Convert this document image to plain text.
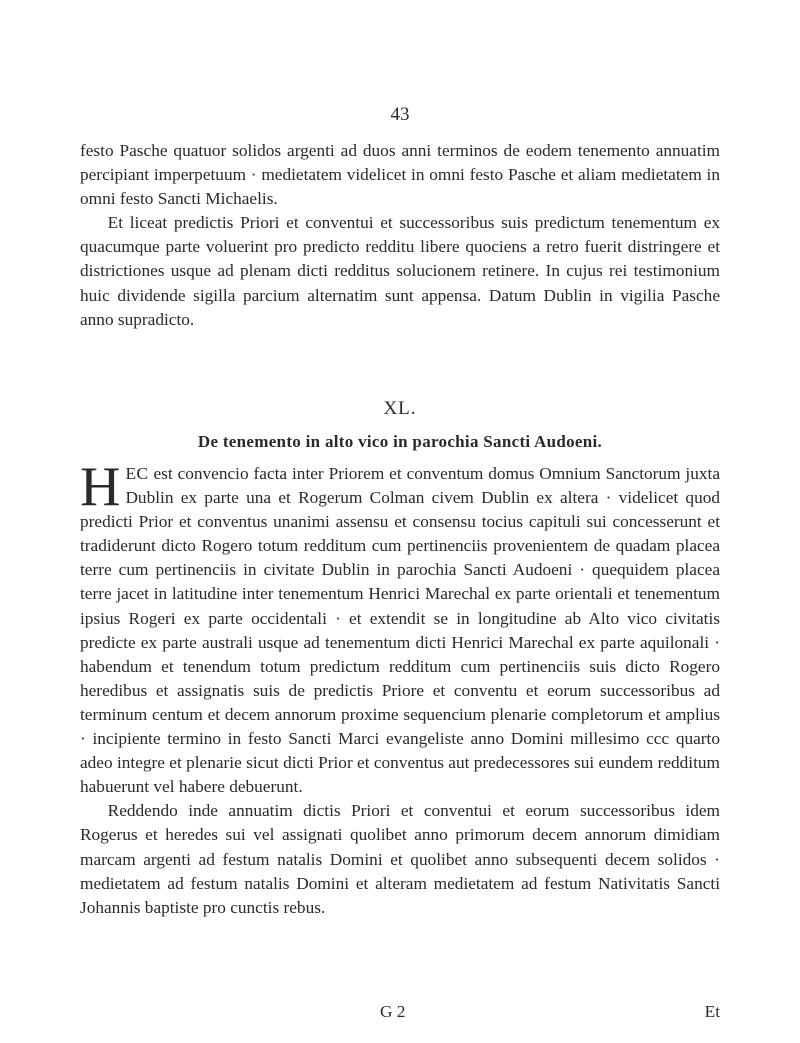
43

festo Pasche quatuor solidos argenti ad duos anni terminos de eodem tenemento annuatim percipiant imperpetuum · medietatem videlicet in omni festo Pasche et aliam medietatem in omni festo Sancti Michaelis.

Et liceat predictis Priori et conventui et successoribus suis predictum tenementum ex quacumque parte voluerint pro predicto redditu libere quociens a retro fuerit distringere et districtiones usque ad plenam dicti redditus solucionem retinere. In cujus rei testimonium huic dividende sigilla parcium alternatim sunt appensa. Datum Dublin in vigilia Pasche anno supradicto.

XL.
De tenemento in alto vico in parochia Sancti Audoeni.

HEC est convencio facta inter Priorem et conventum domus Omnium Sanctorum juxta Dublin ex parte una et Rogerum Colman civem Dublin ex altera · videlicet quod predicti Prior et conventus unanimi assensu et consensu tocius capituli sui concesserunt et tradiderunt dicto Rogero totum redditum cum pertinenciis provenientem de quadam placea terre cum pertinenciis in civitate Dublin in parochia Sancti Audoeni · quequidem placea terre jacet in latitudine inter tenementum Henrici Marechal ex parte orientali et tenementum ipsius Rogeri ex parte occidentali · et extendit se in longitudine ab Alto vico civitatis predicte ex parte australi usque ad tenementum dicti Henrici Marechal ex parte aquilonali · habendum et tenendum totum predictum redditum cum pertinenciis suis dicto Rogero heredibus et assignatis suis de predictis Priore et conventu et eorum successoribus ad terminum centum et decem annorum proxime sequencium plenarie completorum et amplius · incipiente termino in festo Sancti Marci evangeliste anno Domini millesimo ccc quarto adeo integre et plenarie sicut dicti Prior et conventus aut predecessores sui eundem redditum habuerunt vel habere debuerunt.

Reddendo inde annuatim dictis Priori et conventui et eorum successoribus idem Rogerus et heredes sui vel assignati quolibet anno primorum decem annorum dimidiam marcam argenti ad festum natalis Domini et quolibet anno subsequenti decem solidos · medietatem ad festum natalis Domini et alteram medietatem ad festum Nativitatis Sancti Johannis baptiste pro cunctis rebus.

G 2	Et
